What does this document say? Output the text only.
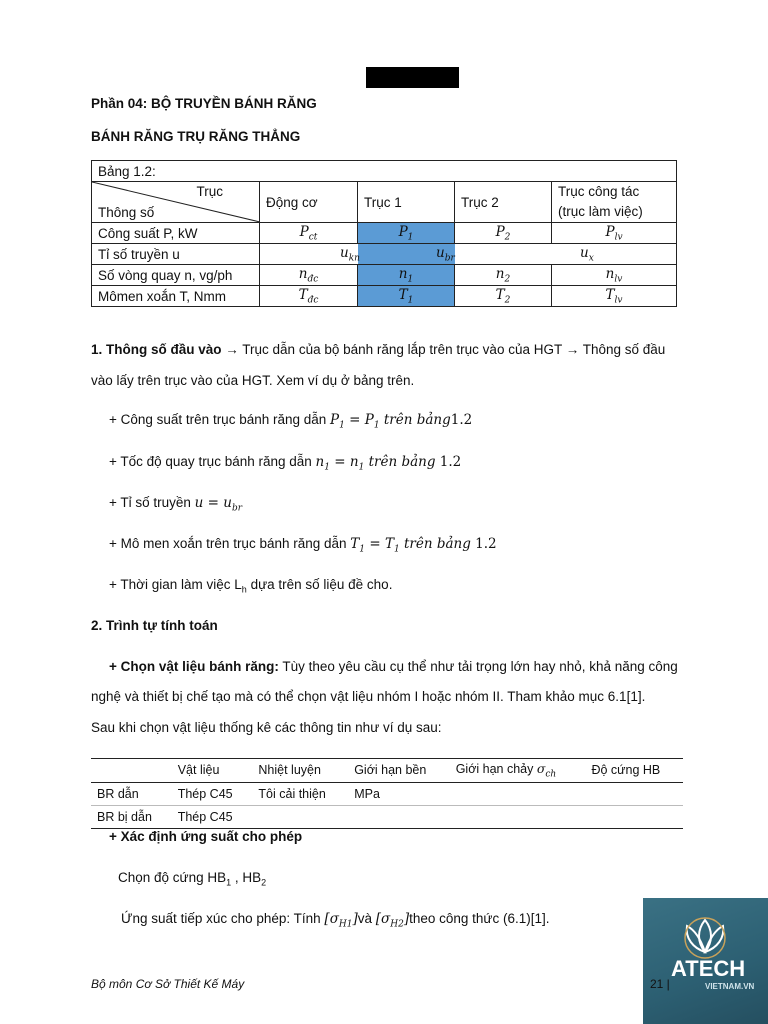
Phần 04: BỘ TRUYỀN BÁNH RĂNG
BÁNH RĂNG TRỤ RĂNG THẲNG
Bảng 1.2:				

Trục
Thông số	Động cơ	Trục 1	Trục 2	Trục công tác (trục làm việc)
Công suất P, kW	$P_{ct}$	$P_1$	$P_2$	$P_{lv}$
Tỉ số truyền u	$u_{kn}$ $u_{br}$ $u_x$

Số vòng quay n, vg/ph	$n_{đc}$	$n_1$	$n_2$	$n_{lv}$
Mômen xoắn T, Nmm	$T_{đc}$	$T_1$	$T_2$	$T_{lv}$
1. Thông số đầu vào → Trục dẫn của bộ bánh răng lắp trên trục vào của HGT → Thông số đầu
vào lấy trên trục vào của HGT. Xem ví dụ ở bảng trên.
+ Công suất trên trục bánh răng dẫn $P_1 = P_1$ trên bảng1.2
+ Tốc độ quay trục bánh răng dẫn $n_1 = n_1$ trên bảng 1.2
+ Tỉ số truyền $u = u_{br}$
+ Mô men xoắn trên trục bánh răng dẫn $T_1 = T_1$ trên bảng 1.2
+ Thời gian làm việc $L_h$ dựa trên số liệu đề cho.
2. Trình tự tính toán
+ Chọn vật liệu bánh răng: Tùy theo yêu cầu cụ thể như tải trọng lớn hay nhỏ, khả năng công
nghệ và thiết bị chế tạo mà có thể chọn vật liệu nhóm I hoặc nhóm II. Tham khảo mục 6.1[1].
Sau khi chọn vật liệu thống kê các thông tin như ví dụ sau:
	Vật liệu	Nhiệt luyện	Giới hạn bền	Giới hạn chảy $\sigma_{ch}$	Độ cứng HB
BR dẫn	Thép C45	Tôi cải thiện	MPa		
BR bị dẫn	Thép C45				
+ Xác định ứng suất cho phép
Chọn độ cứng $HB_1$ , $HB_2$
Ứng suất tiếp xúc cho phép: Tính $[\sigma_{H1}]và$ $[\sigma_{H2}]theo$ công thức (6.1)[1].
Bộ môn Cơ Sở Thiết Kế Máy
ATECH
VIETNAM.VN
21 |
